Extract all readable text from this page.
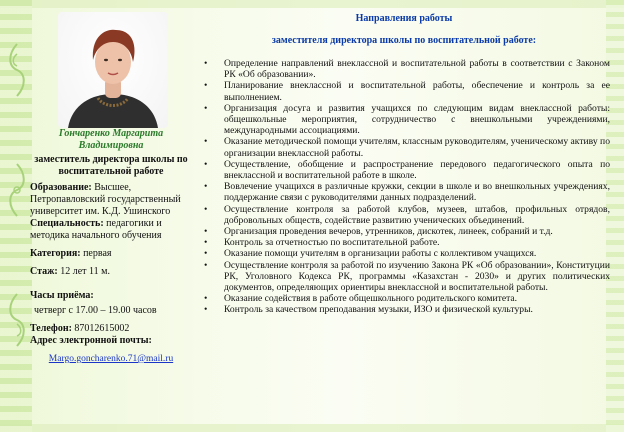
Гончаренко Маргарита Владимировна

заместитель директора школы по воспитательной работе

Образование: Высшее, Петропавловский государственный университет им. К.Д. Ушинского

Специальность: педагогики и методика начального обучения

Категория: первая

Стаж: 12 лет 11 м.

Часы приёма:

четверг с 17.00 – 19.00 часов

Телефон: 87012615002

Адрес электронной почты:

Margo.goncharenko.71@mail.ru

Направления работы

заместителя директора школы по воспитательной работе:

• Определение направлений внеклассной и воспитательной работы в соответствии с Законом РК «Об образовании».
• Планирование внеклассной и воспитательной работы, обеспечение и контроль за ее выполнением.
• Организация досуга и развития учащихся по следующим видам внеклассной работы: общешкольные мероприятия, сотрудничество с внешкольными учреждениями, международными ассоциациями.
• Оказание методической помощи учителям, классным руководителям, ученическому активу по организации внеклассной работы.
• Осуществление, обобщение и распространение передового педагогического опыта по внеклассной и воспитательной работе в школе.
• Вовлечение учащихся в различные кружки, секции в школе и во внешкольных учреждениях, поддержание связи с руководителями данных подразделений.
• Осуществление контроля за работой клубов, музеев, штабов, профильных отрядов, добровольных обществ, содействие развитию ученических объединений.
• Организация проведения вечеров, утренников, дискотек, линеек, собраний и т.д.
• Контроль за отчетностью по воспитательной работе.
• Оказание помощи учителям в организации работы с коллективом учащихся.
• Осуществление контроля за работой по изучению Закона РК «Об образовании», Конституции РК, Уголовного Кодекса РК, программы «Казахстан - 2030» и других политических документов, определяющих ориентиры внеклассной и воспитательной работы.
• Оказание содействия в работе общешкольного родительского комитета.
• Контроль за качеством преподавания музыки, ИЗО и физической культуры.
